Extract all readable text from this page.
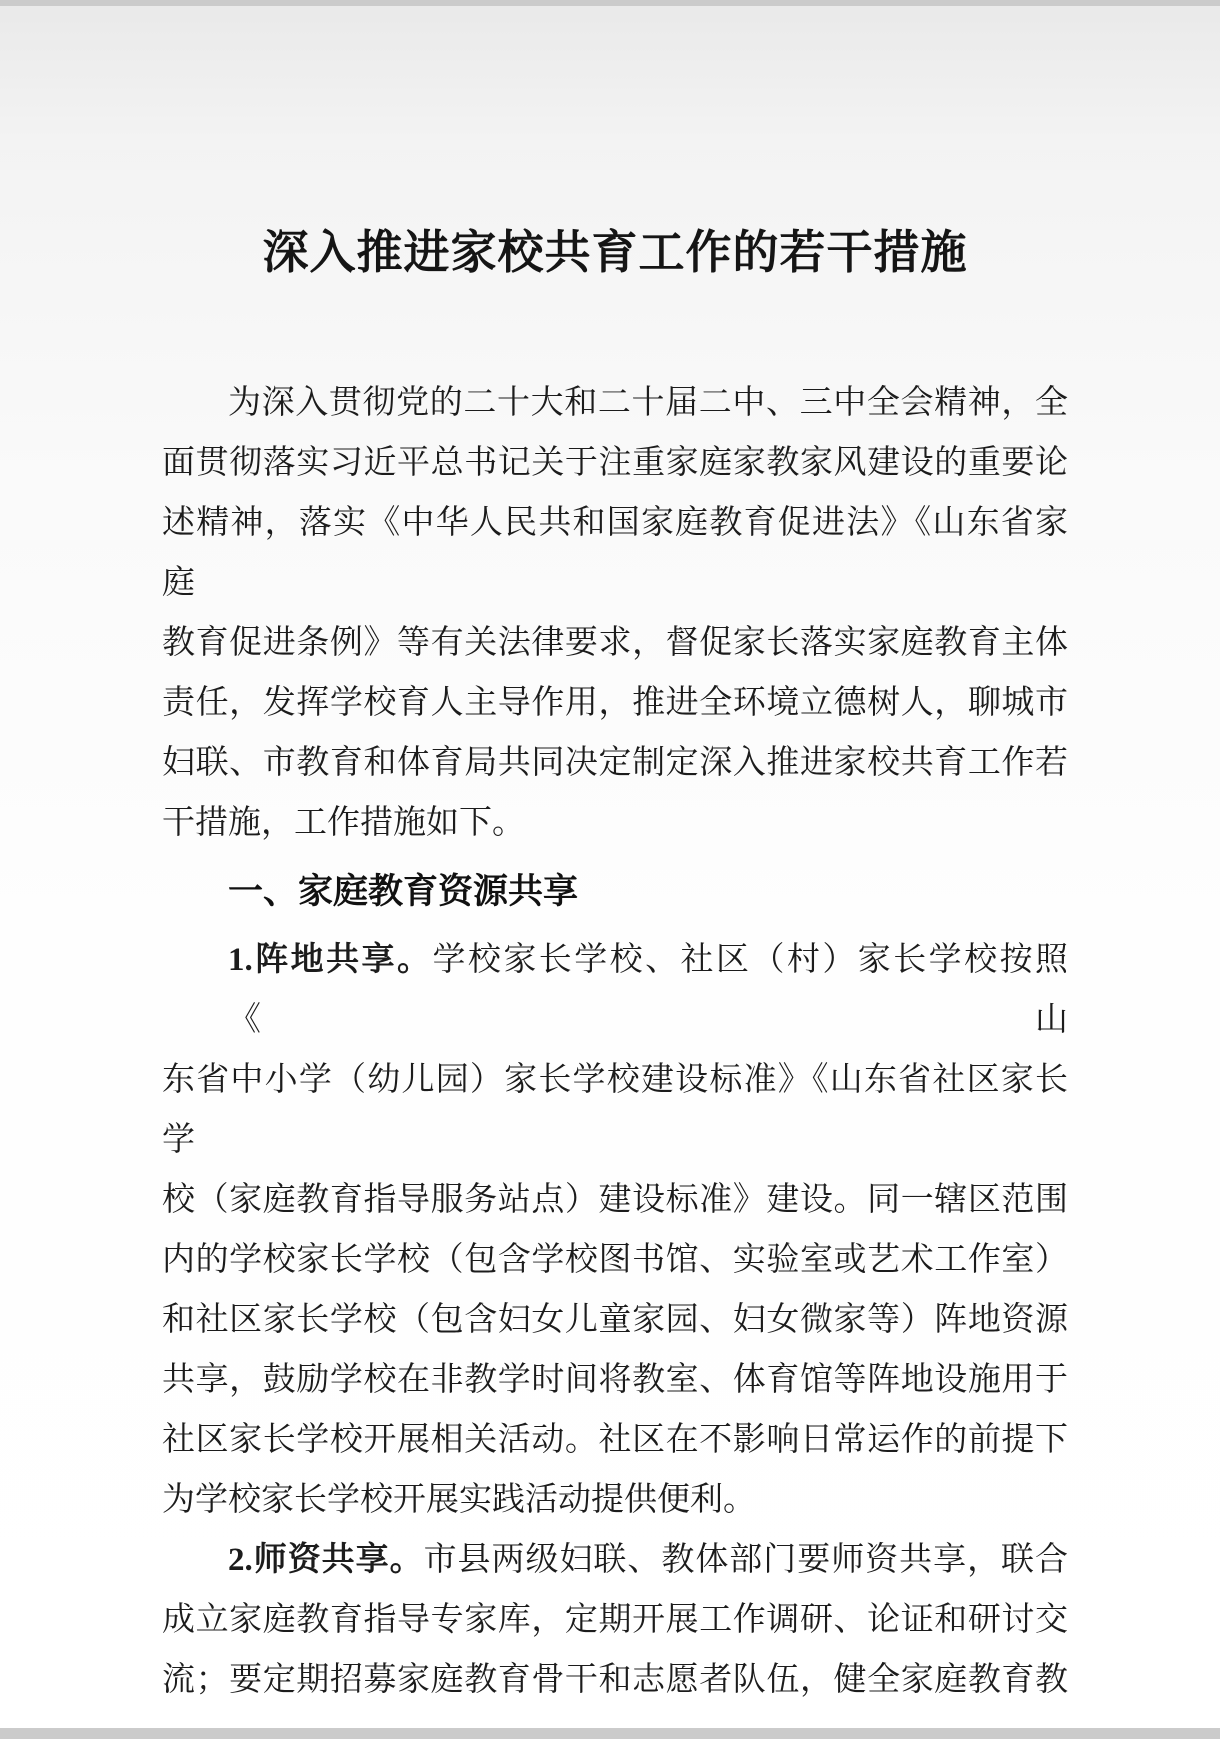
深入推进家校共育工作的若干措施
为深入贯彻党的二十大和二十届二中、三中全会精神，全
面贯彻落实习近平总书记关于注重家庭家教家风建设的重要论
述精神，落实《中华人民共和国家庭教育促进法》《山东省家庭
教育促进条例》等有关法律要求，督促家长落实家庭教育主体
责任，发挥学校育人主导作用，推进全环境立德树人，聊城市
妇联、市教育和体育局共同决定制定深入推进家校共育工作若
干措施，工作措施如下。
一、家庭教育资源共享
1.阵地共享。学校家长学校、社区（村）家长学校按照《山
东省中小学（幼儿园）家长学校建设标准》《山东省社区家长学
校（家庭教育指导服务站点）建设标准》建设。同一辖区范围
内的学校家长学校（包含学校图书馆、实验室或艺术工作室）
和社区家长学校（包含妇女儿童家园、妇女微家等）阵地资源
共享，鼓励学校在非教学时间将教室、体育馆等阵地设施用于
社区家长学校开展相关活动。社区在不影响日常运作的前提下
为学校家长学校开展实践活动提供便利。
2.师资共享。市县两级妇联、教体部门要师资共享，联合
成立家庭教育指导专家库，定期开展工作调研、论证和研讨交
流；要定期招募家庭教育骨干和志愿者队伍，健全家庭教育教
